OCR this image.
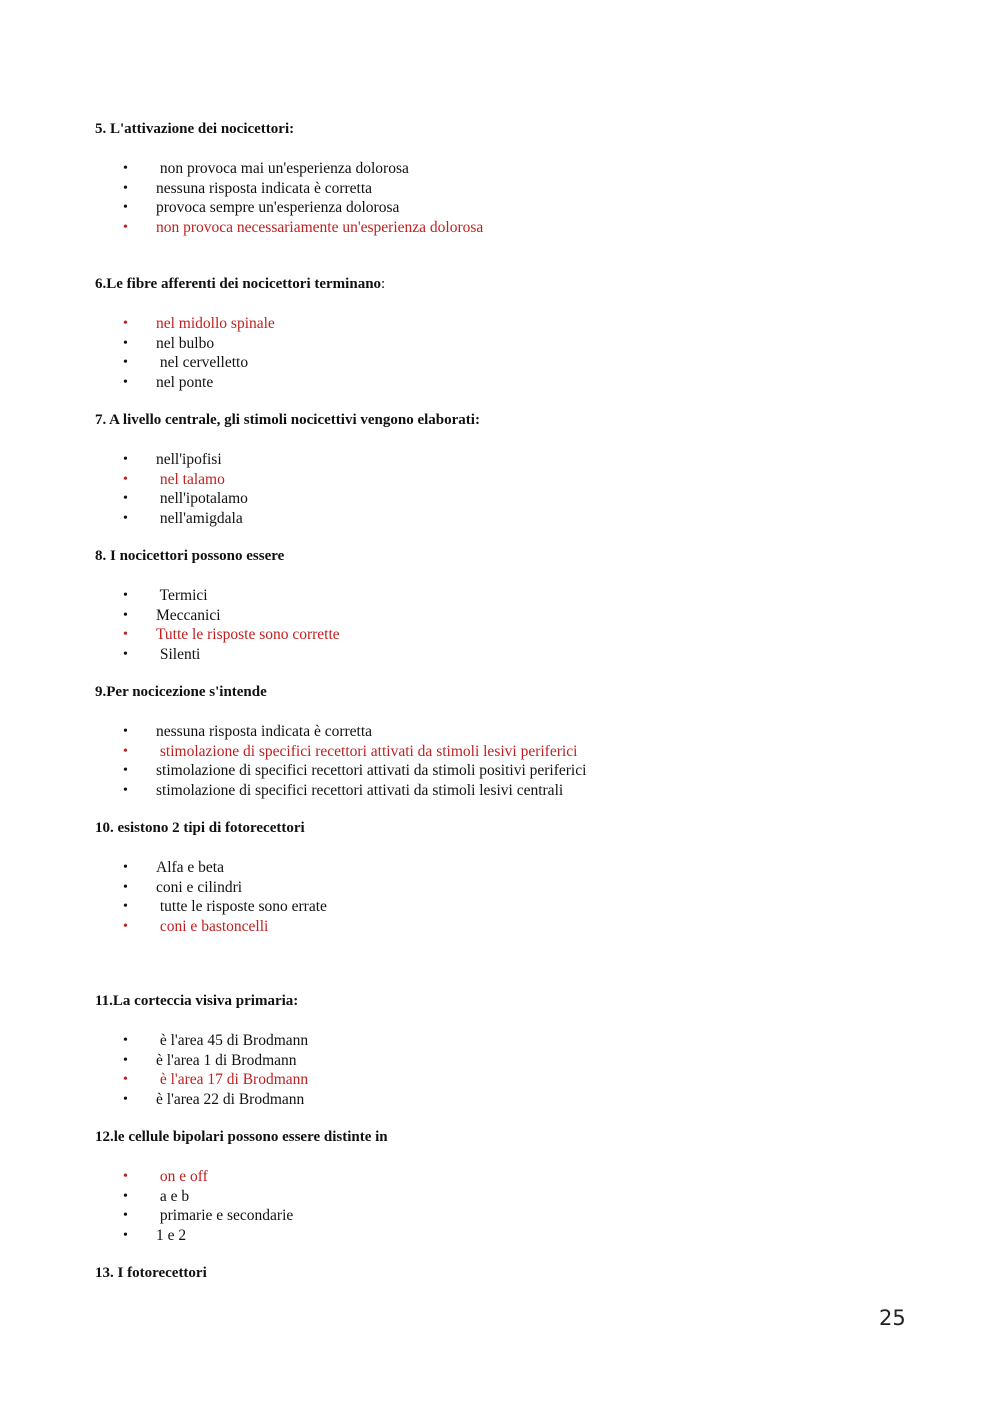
5. L'attivazione dei nocicettori:
• non provoca mai un'esperienza dolorosa
• nessuna risposta indicata è corretta
• provoca sempre un'esperienza dolorosa
• non provoca necessariamente un'esperienza dolorosa
6.Le fibre afferenti dei nocicettori terminano:
• nel midollo spinale
• nel bulbo
• nel cervelletto
• nel ponte
7. A livello centrale, gli stimoli nocicettivi vengono elaborati:
• nell'ipofisi
• nel talamo
• nell'ipotalamo
• nell'amigdala
8. I nocicettori possono essere
• Termici
• Meccanici
• Tutte le risposte sono corrette
• Silenti
9.Per nocicezione s'intende
• nessuna risposta indicata è corretta
• stimolazione di specifici recettori attivati da stimoli lesivi periferici
• stimolazione di specifici recettori attivati da stimoli positivi periferici
• stimolazione di specifici recettori attivati da stimoli lesivi centrali
10. esistono 2 tipi di fotorecettori
• Alfa e beta
• coni e cilindri
• tutte le risposte sono errate
• coni e bastoncelli
11.La corteccia visiva primaria:
• è l'area 45 di Brodmann
• è l'area 1 di Brodmann
• è l'area 17 di Brodmann
• è l'area 22 di Brodmann
12.le cellule bipolari possono essere distinte in
• on e off
• a e b
• primarie e secondarie
• 1 e 2
13. I fotorecettori
25
